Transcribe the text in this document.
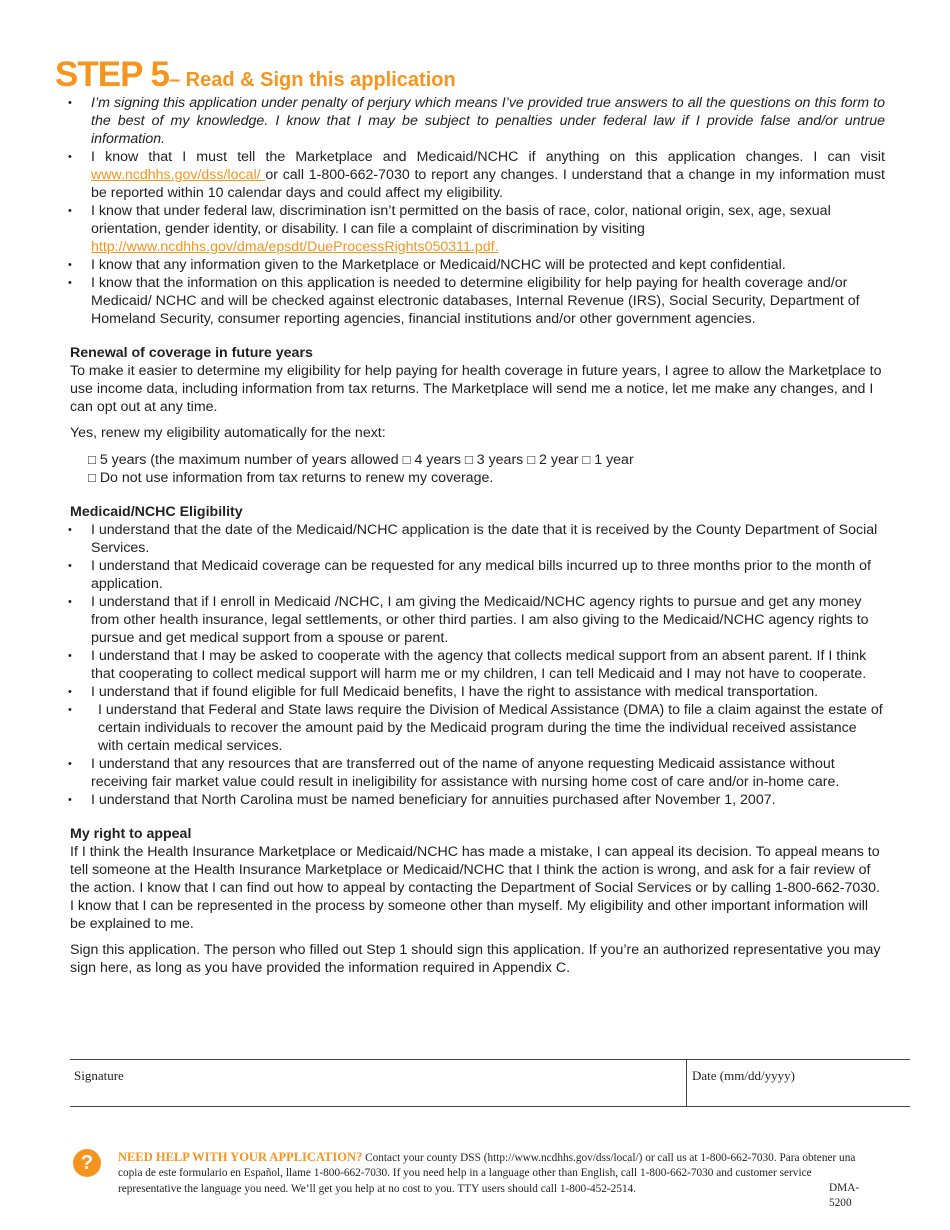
STEP 5– Read & Sign this application
• I’m signing this application under penalty of perjury which means I’ve provided true answers to all the questions on this form to the best of my knowledge. I know that I may be subject to penalties under federal law if I provide false and/or untrue information.
• I know that I must tell the Marketplace and Medicaid/NCHC if anything on this application changes. I can visit www.ncdhhs.gov/dss/local/ or call 1-800-662-7030 to report any changes. I understand that a change in my information must be reported within 10 calendar days and could affect my eligibility.
• I know that under federal law, discrimination isn’t permitted on the basis of race, color, national origin, sex, age, sexual orientation, gender identity, or disability. I can file a complaint of discrimination by visiting http://www.ncdhhs.gov/dma/epsdt/DueProcessRights050311.pdf.
• I know that any information given to the Marketplace or Medicaid/NCHC will be protected and kept confidential.
• I know that the information on this application is needed to determine eligibility for help paying for health coverage and/or Medicaid/ NCHC and will be checked against electronic databases, Internal Revenue (IRS), Social Security, Department of Homeland Security, consumer reporting agencies, financial institutions and/or other government agencies.
Renewal of coverage in future years

To make it easier to determine my eligibility for help paying for health coverage in future years, I agree to allow the Marketplace to use income data, including information from tax returns. The Marketplace will send me a notice, let me make any changes, and I can opt out at any time.

Yes, renew my eligibility automatically for the next:

□ 5 years (the maximum number of years allowed □ 4 years □ 3 years □ 2 year □ 1 year
□ Do not use information from tax returns to renew my coverage.
Medicaid/NCHC Eligibility
• I understand that the date of the Medicaid/NCHC application is the date that it is received by the County Department of Social Services.
• I understand that Medicaid coverage can be requested for any medical bills incurred up to three months prior to the month of application.
• I understand that if I enroll in Medicaid /NCHC, I am giving the Medicaid/NCHC agency rights to pursue and get any money from other health insurance, legal settlements, or other third parties. I am also giving to the Medicaid/NCHC agency rights to pursue and get medical support from a spouse or parent.
• I understand that I may be asked to cooperate with the agency that collects medical support from an absent parent. If I think that cooperating to collect medical support will harm me or my children, I can tell Medicaid and I may not have to cooperate.
• I understand that if found eligible for full Medicaid benefits, I have the right to assistance with medical transportation.
• I understand that Federal and State laws require the Division of Medical Assistance (DMA) to file a claim against the estate of certain individuals to recover the amount paid by the Medicaid program during the time the individual received assistance with certain medical services.
• I understand that any resources that are transferred out of the name of anyone requesting Medicaid assistance without receiving fair market value could result in ineligibility for assistance with nursing home cost of care and/or in-home care.
• I understand that North Carolina must be named beneficiary for annuities purchased after November 1, 2007.
My right to appeal

If I think the Health Insurance Marketplace or Medicaid/NCHC has made a mistake, I can appeal its decision. To appeal means to tell someone at the Health Insurance Marketplace or Medicaid/NCHC that I think the action is wrong, and ask for a fair review of the action. I know that I can find out how to appeal by contacting the Department of Social Services or by calling 1-800-662-7030. I know that I can be represented in the process by someone other than myself. My eligibility and other important information will be explained to me.

Sign this application. The person who filled out Step 1 should sign this application. If you’re an authorized representative you may sign here, as long as you have provided the information required in Appendix C.

Signature	Date (mm/dd/yyyy)
?	NEED HELP WITH YOUR APPLICATION? Contact your county DSS (http://www.ncdhhs.gov/dss/local/) or call us at 1-800-662-7030. Para obtener una copia de este formulario en Español, llame 1-800-662-7030. If you need help in a language other than English, call 1-800-662-7030 and customer service representative the language you need. We’ll get you help at no cost to you. TTY users should call 1-800-452-2514.	DMA-5200
